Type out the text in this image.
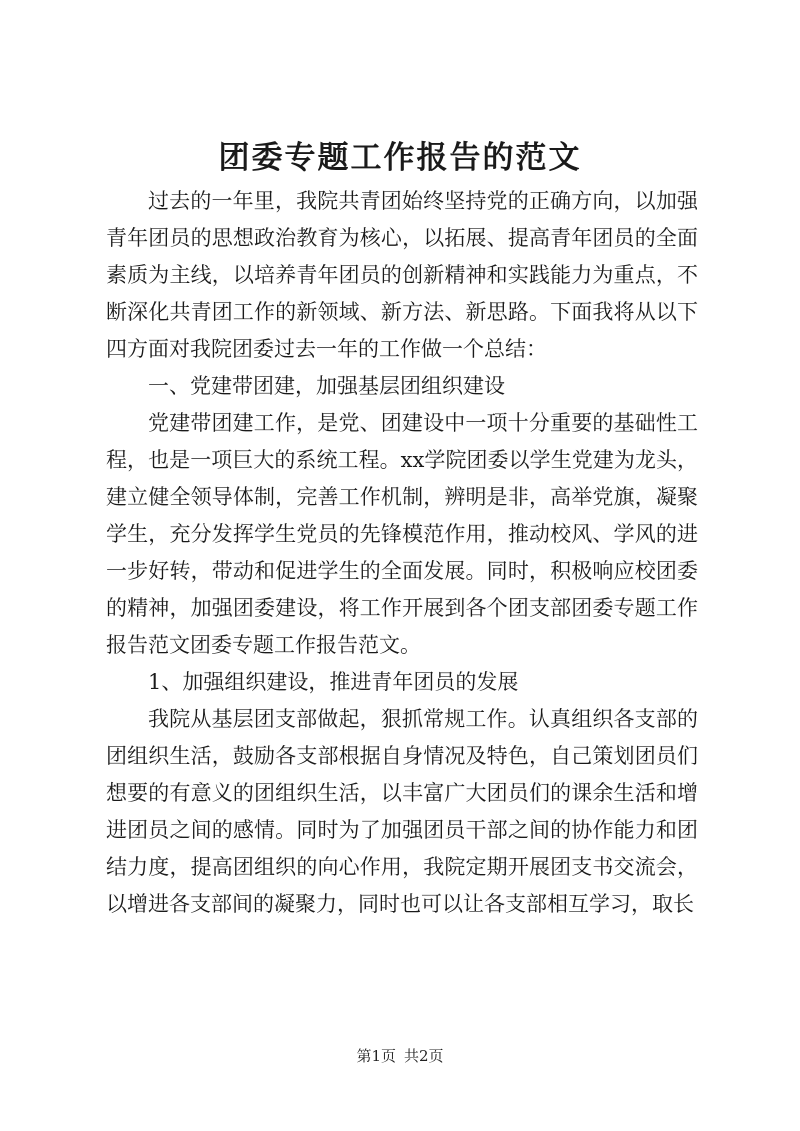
团委专题工作报告的范文

过去的一年里，我院共青团始终坚持党的正确方向，以加强青年团员的思想政治教育为核心，以拓展、提高青年团员的全面素质为主线，以培养青年团员的创新精神和实践能力为重点，不断深化共青团工作的新领域、新方法、新思路。下面我将从以下四方面对我院团委过去一年的工作做一个总结：

一、党建带团建，加强基层团组织建设

党建带团建工作，是党、团建设中一项十分重要的基础性工程，也是一项巨大的系统工程。xx学院团委以学生党建为龙头，建立健全领导体制，完善工作机制，辨明是非，高举党旗，凝聚学生，充分发挥学生党员的先锋模范作用，推动校风、学风的进一步好转，带动和促进学生的全面发展。同时，积极响应校团委的精神，加强团委建设，将工作开展到各个团支部团委专题工作报告范文团委专题工作报告范文。

1、加强组织建设，推进青年团员的发展

我院从基层团支部做起，狠抓常规工作。认真组织各支部的团组织生活，鼓励各支部根据自身情况及特色，自己策划团员们想要的有意义的团组织生活，以丰富广大团员们的课余生活和增进团员之间的感情。同时为了加强团员干部之间的协作能力和团结力度，提高团组织的向心作用，我院定期开展团支书交流会，以增进各支部间的凝聚力，同时也可以让各支部相互学习，取长

第1页 共2页
